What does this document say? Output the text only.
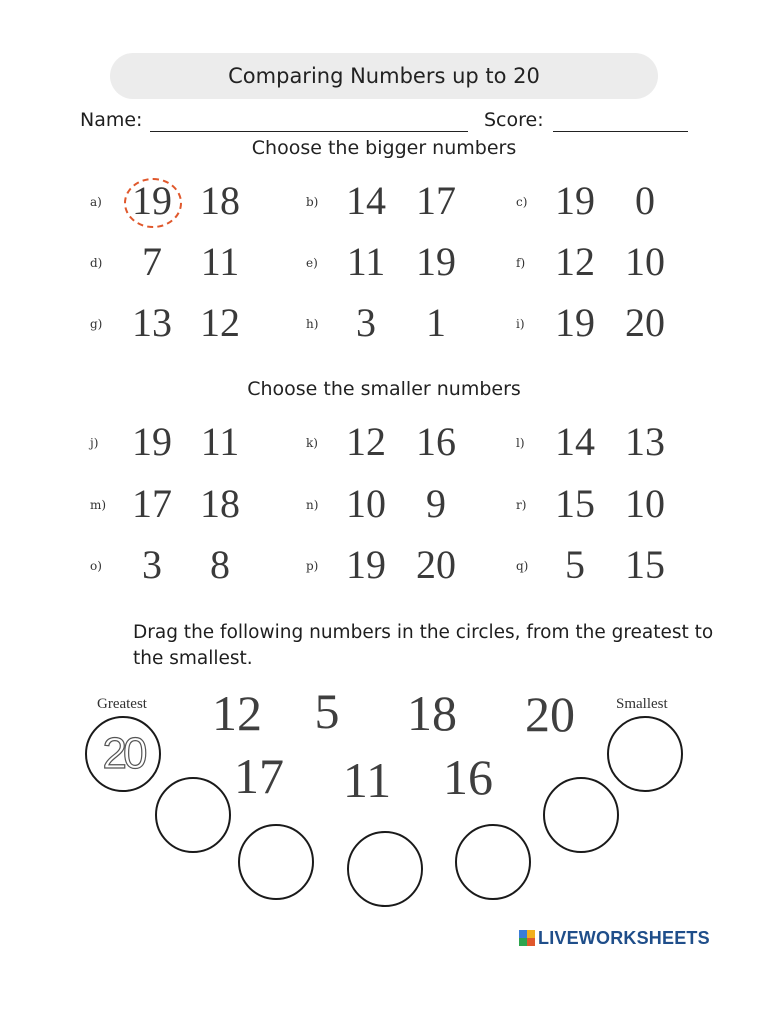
Comparing Numbers up to 20
Name:	Score:
Choose the bigger numbers
a) 19 18	b) 14 17	c) 19	0
d) 7 11	e) 11 19	f) 12 10
g) 13 12	h) 3	1	i) 19 20
Choose the smaller numbers
j) 19 11	k) 12 16	l) 14 13
m) 17 18	n) 10	9	r) 15 10
o)	3	8	p) 19 20	q) 5	15
Drag the following numbers in the circles, from the greatest to the smallest.
Greatest	Smallest
20
12	5	18	20
17	11	16
LIVEWORKSHEETS
